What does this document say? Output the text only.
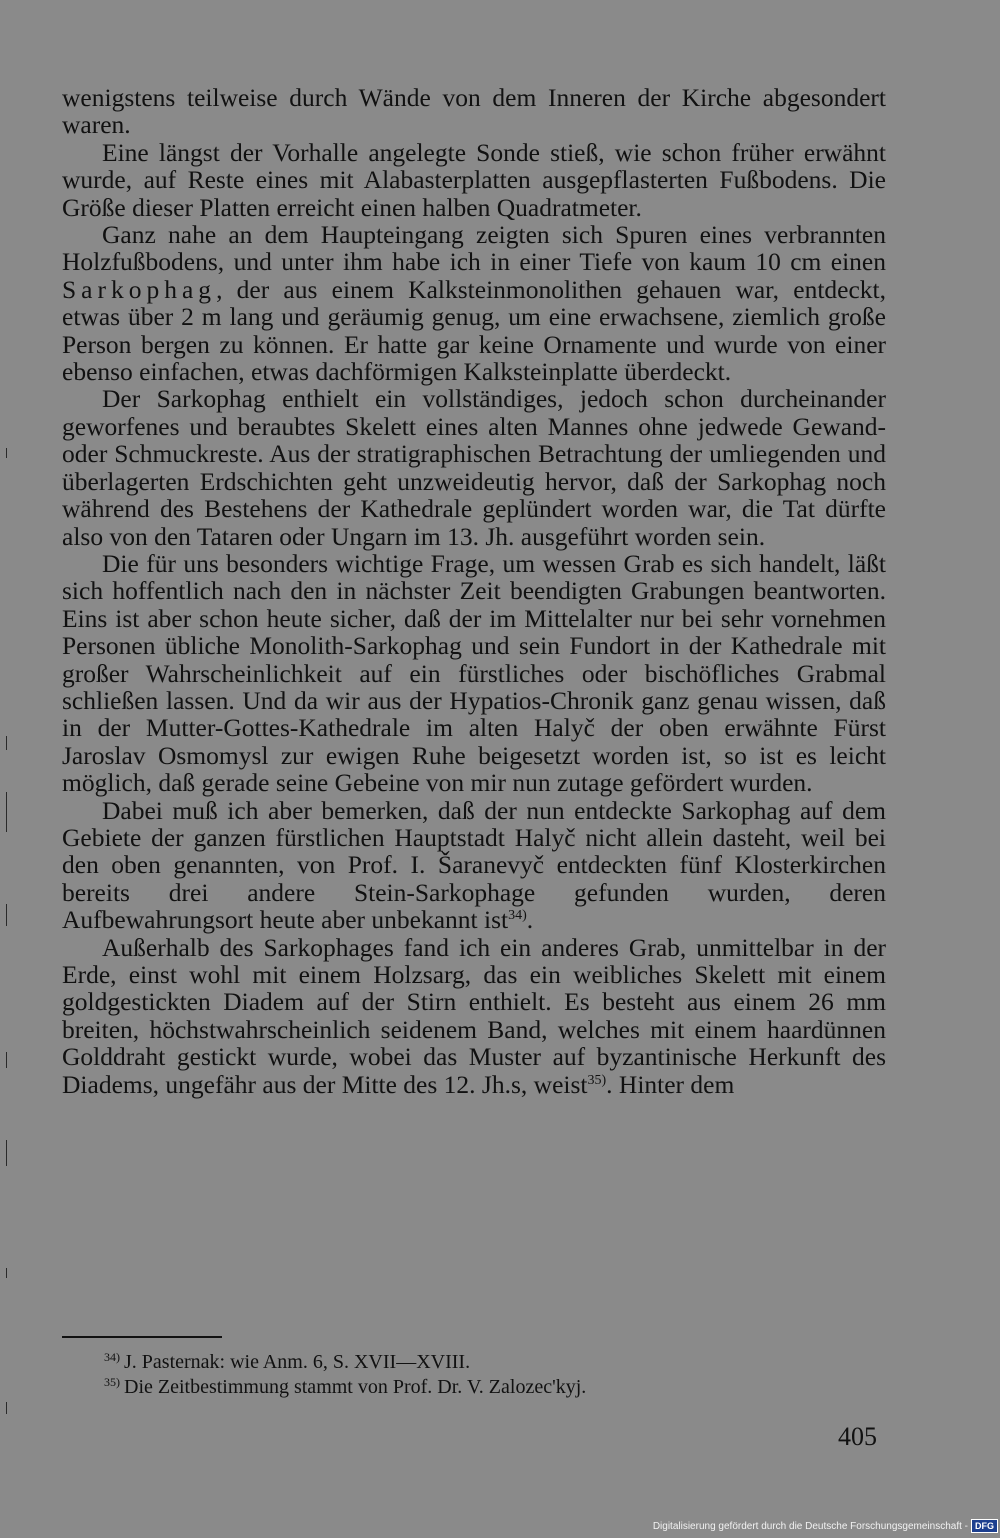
wenigstens teilweise durch Wände von dem Inneren der Kirche abgesondert waren.

Eine längst der Vorhalle angelegte Sonde stieß, wie schon früher erwähnt wurde, auf Reste eines mit Alabasterplatten ausgepflasterten Fußbodens. Die Größe dieser Platten erreicht einen halben Quadratmeter.

Ganz nahe an dem Haupteingang zeigten sich Spuren eines verbrannten Holzfußbodens, und unter ihm habe ich in einer Tiefe von kaum 10 cm einen Sarkophag, der aus einem Kalksteinmonolithen gehauen war, entdeckt, etwas über 2 m lang und geräumig genug, um eine erwachsene, ziemlich große Person bergen zu können. Er hatte gar keine Ornamente und wurde von einer ebenso einfachen, etwas dachförmigen Kalksteinplatte überdeckt.

Der Sarkophag enthielt ein vollständiges, jedoch schon durcheinander geworfenes und beraubtes Skelett eines alten Mannes ohne jedwede Gewand- oder Schmuckreste. Aus der stratigraphischen Betrachtung der umliegenden und überlagerten Erdschichten geht unzweideutig hervor, daß der Sarkophag noch während des Bestehens der Kathedrale geplündert worden war, die Tat dürfte also von den Tataren oder Ungarn im 13. Jh. ausgeführt worden sein.

Die für uns besonders wichtige Frage, um wessen Grab es sich handelt, läßt sich hoffentlich nach den in nächster Zeit beendigten Grabungen beantworten. Eins ist aber schon heute sicher, daß der im Mittelalter nur bei sehr vornehmen Personen übliche Monolith-Sarkophag und sein Fundort in der Kathedrale mit großer Wahrscheinlichkeit auf ein fürstliches oder bischöfliches Grabmal schließen lassen. Und da wir aus der Hypatios-Chronik ganz genau wissen, daß in der Mutter-Gottes-Kathedrale im alten Halyč der oben erwähnte Fürst Jaroslav Osmomysl zur ewigen Ruhe beigesetzt worden ist, so ist es leicht möglich, daß gerade seine Gebeine von mir nun zutage gefördert wurden.

Dabei muß ich aber bemerken, daß der nun entdeckte Sarkophag auf dem Gebiete der ganzen fürstlichen Hauptstadt Halyč nicht allein dasteht, weil bei den oben genannten, von Prof. I. Šaranevyč entdeckten fünf Klosterkirchen bereits drei andere Stein-Sarkophage gefunden wurden, deren Aufbewahrungsort heute aber unbekannt ist$^{34)}$.

Außerhalb des Sarkophages fand ich ein anderes Grab, unmittelbar in der Erde, einst wohl mit einem Holzsarg, das ein weibliches Skelett mit einem goldgestickten Diadem auf der Stirn enthielt. Es besteht aus einem 26 mm breiten, höchstwahrscheinlich seidenem Band, welches mit einem haardünnen Golddraht gestickt wurde, wobei das Muster auf byzantinische Herkunft des Diadems, ungefähr aus der Mitte des 12. Jh.s, weist$^{35)}$. Hinter dem

$^{34)}$ J. Pasternak: wie Anm. 6, S. XVII—XVIII.
$^{35)}$ Die Zeitbestimmung stammt von Prof. Dr. V. Zalozec'kyj.
405
Digitalisierung gefördert durch die Deutsche Forschungsgemeinschaft - DFG
